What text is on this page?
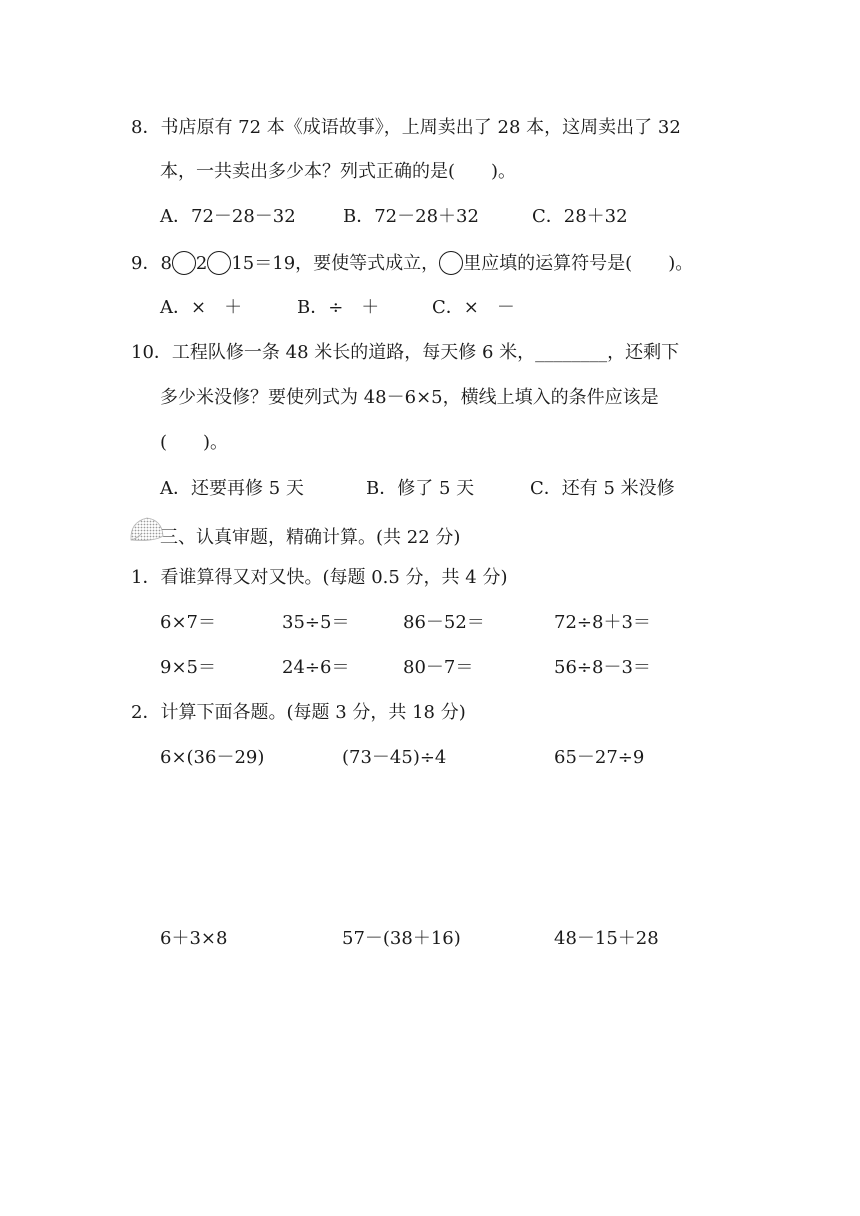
8．书店原有 72 本《成语故事》，上周卖出了 28 本，这周卖出了 32
本，一共卖出多少本？列式正确的是(　　)。
A．72－28－32	B．72－28＋32	C．28＋32
9．8 2 15＝19，要使等式成立， 里应填的运算符号是(　　)。
A．×　＋	B．÷　＋	C．×　－
10．工程队修一条 48 米长的道路，每天修 6 米，________，还剩下
多少米没修？要使列式为 48－6×5，横线上填入的条件应该是
(　　)。
A．还要再修 5 天	B．修了 5 天	C．还有 5 米没修
三、认真审题，精确计算。(共 22 分)
1．看谁算得又对又快。(每题 0.5 分，共 4 分)
6×7＝	35÷5＝	86－52＝	72÷8＋3＝
9×5＝	24÷6＝	80－7＝	56÷8－3＝
2．计算下面各题。(每题 3 分，共 18 分)
6×(36－29)	(73－45)÷4	65－27÷9
6＋3×8	57－(38＋16)	48－15＋28
